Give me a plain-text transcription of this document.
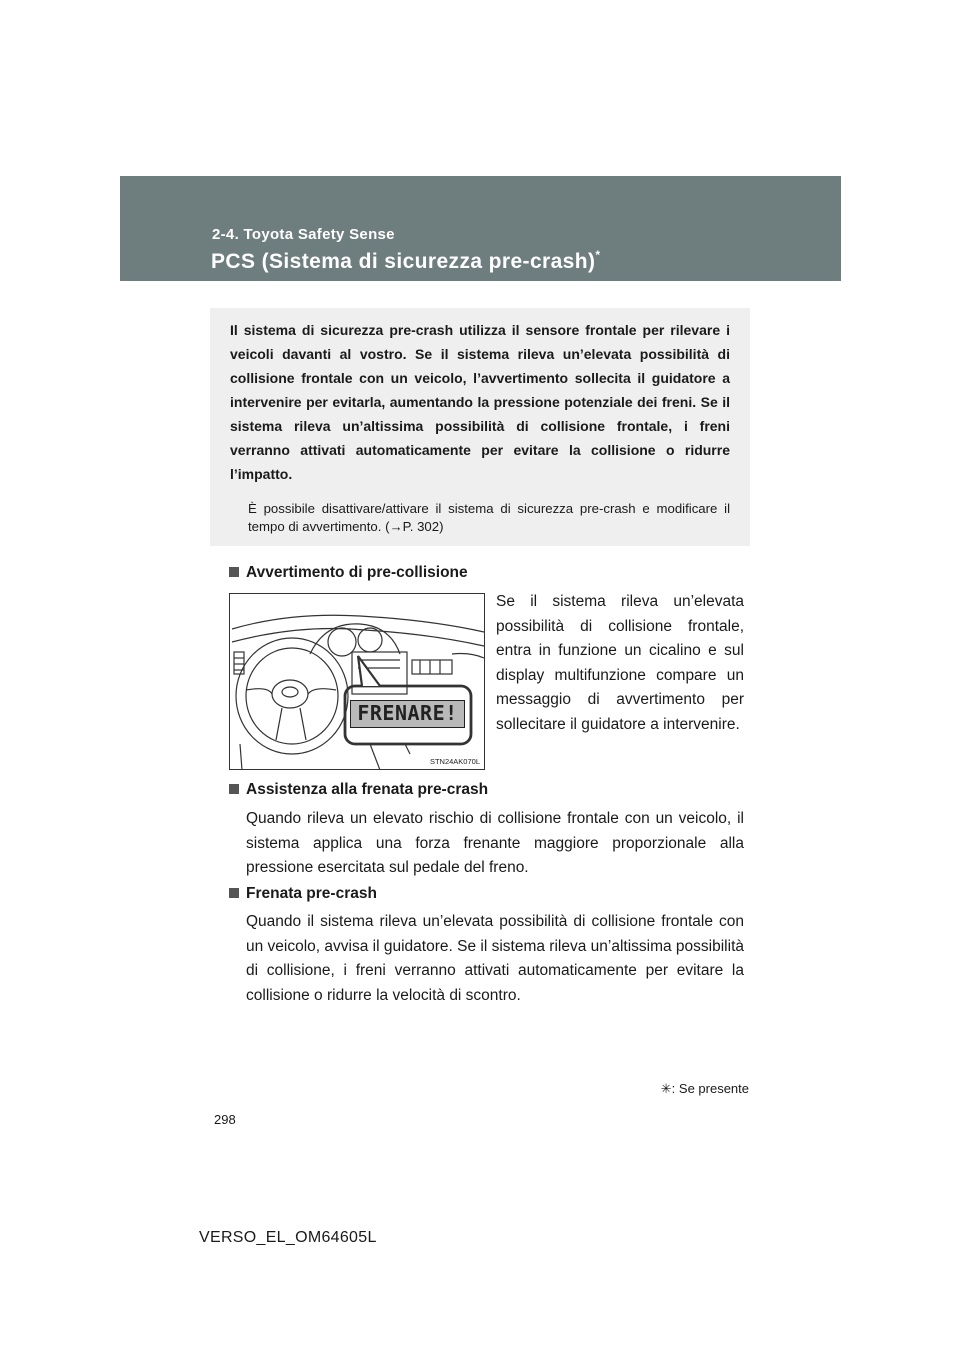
2-4. Toyota Safety Sense
PCS (Sistema di sicurezza pre-crash)*

Il sistema di sicurezza pre-crash utilizza il sensore frontale per rilevare i veicoli davanti al vostro. Se il sistema rileva un’elevata possibilità di collisione frontale con un veicolo, l’avvertimento sollecita il guidatore a intervenire per evitarla, aumentando la pressione potenziale dei freni. Se il sistema rileva un’altissima possibilità di collisione frontale, i freni verranno attivati automaticamente per evitare la collisione o ridurre l’impatto.

È possibile disattivare/attivare il sistema di sicurezza pre-crash e modificare il tempo di avvertimento. (→P. 302)

Avvertimento di pre-collisione
STN24AK070L
FRENARE!
Se il sistema rileva un’elevata possibilità di collisione frontale, entra in funzione un cicalino e sul display multifunzione compare un messaggio di avvertimento per sollecitare il guidatore a intervenire.
Assistenza alla frenata pre-crash
Quando rileva un elevato rischio di collisione frontale con un veicolo, il sistema applica una forza frenante maggiore proporzionale alla pressione esercitata sul pedale del freno.
Frenata pre-crash
Quando il sistema rileva un’elevata possibilità di collisione frontale con un veicolo, avvisa il guidatore. Se il sistema rileva un’altissima possibilità di collisione, i freni verranno attivati automaticamente per evitare la collisione o ridurre la velocità di scontro.
✳: Se presente
298
VERSO_EL_OM64605L
